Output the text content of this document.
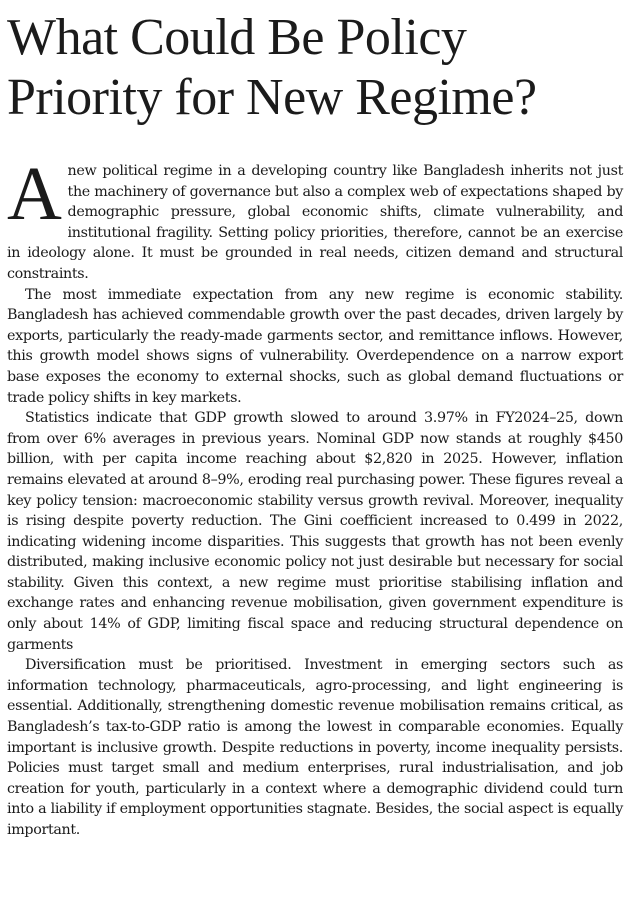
What Could Be Policy Priority for New Regime?

A new political regime in a developing country like Bangladesh inherits not just the machinery of governance but also a complex web of expectations shaped by demographic pressure, global economic shifts, climate vulnerability, and institutional fragility. Setting policy priorities, therefore, cannot be an exercise in ideology alone. It must be grounded in real needs, citizen demand and structural constraints.

The most immediate expectation from any new regime is economic stability. Bangladesh has achieved commendable growth over the past decades, driven largely by exports, particularly the ready-made garments sector, and remittance inflows. However, this growth model shows signs of vulnerability. Overdependence on a narrow export base exposes the economy to external shocks, such as global demand fluctuations or trade policy shifts in key markets.

Statistics indicate that GDP growth slowed to around 3.97% in FY2024–25, down from over 6% averages in previous years. Nominal GDP now stands at roughly $450 billion, with per capita income reaching about $2,820 in 2025. However, inflation remains elevated at around 8–9%, eroding real purchasing power. These figures reveal a key policy tension: macroeconomic stability versus growth revival. Moreover, inequality is rising despite poverty reduction. The Gini coefficient increased to 0.499 in 2022, indicating widening income disparities. This suggests that growth has not been evenly distributed, making inclusive economic policy not just desirable but necessary for social stability. Given this context, a new regime must prioritise stabilising inflation and exchange rates and enhancing revenue mobilisation, given government expenditure is only about 14% of GDP, limiting fiscal space and reducing structural dependence on garments

Diversification must be prioritised. Investment in emerging sectors such as information technology, pharmaceuticals, agro-processing, and light engineering is essential. Additionally, strengthening domestic revenue mobilisation remains critical, as Bangladesh’s tax-to-GDP ratio is among the lowest in comparable economies. Equally important is inclusive growth. Despite reductions in poverty, income inequality persists. Policies must target small and medium enterprises, rural industrialisation, and job creation for youth, particularly in a context where a demographic dividend could turn into a liability if employment opportunities stagnate. Besides, the social aspect is equally important.
